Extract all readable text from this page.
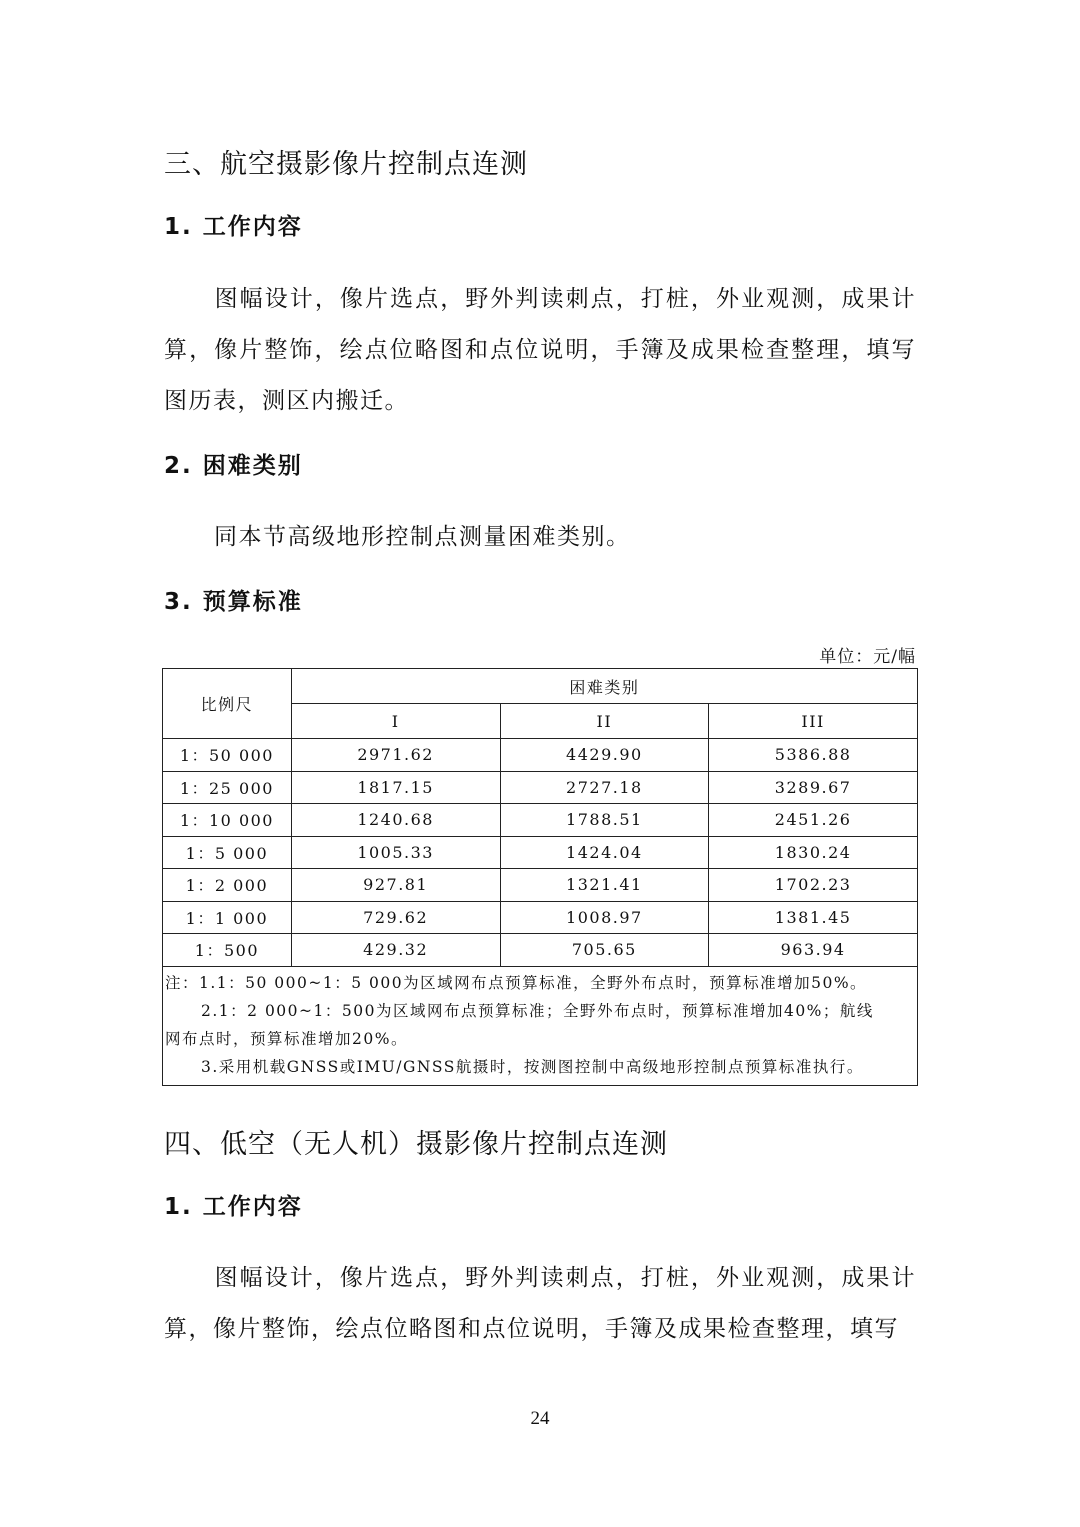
三、航空摄影像片控制点连测
1. 工作内容

图幅设计，像片选点，野外判读刺点，打桩，外业观测，成果计算，像片整饰，绘点位略图和点位说明，手簿及成果检查整理，填写图历表，测区内搬迁。

2. 困难类别

同本节高级地形控制点测量困难类别。

3. 预算标准
单位：元/幅
比例尺	困难类别		
	I	II	III
1：50 000	2971.62	4429.90	5386.88
1：25 000	1817.15	2727.18	3289.67
1：10 000	1240.68	1788.51	2451.26
1：5 000	1005.33	1424.04	1830.24
1：2 000	927.81	1321.41	1702.23
1：1 000	729.62	1008.97	1381.45
1：500	429.32	705.65	963.94

注：1.1：50 000~1：5 000为区域网布点预算标准，全野外布点时，预算标准增加50%。
2.1：2 000~1：500为区域网布点预算标准；全野外布点时，预算标准增加40%；航线
网布点时，预算标准增加20%。
3.采用机载GNSS或IMU/GNSS航摄时，按测图控制中高级地形控制点预算标准执行。			
四、低空（无人机）摄影像片控制点连测
1. 工作内容

图幅设计，像片选点，野外判读刺点，打桩，外业观测，成果计算，像片整饰，绘点位略图和点位说明，手簿及成果检查整理，填写

24
